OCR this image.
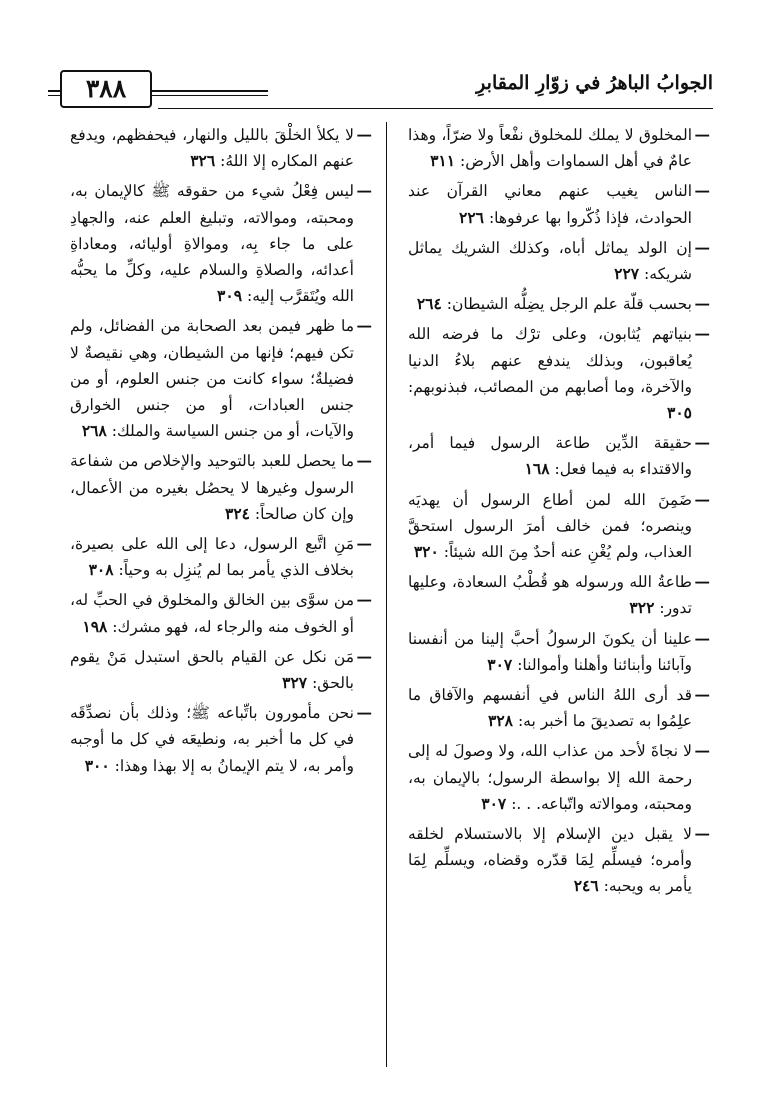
٣٨٨	الجوابُ الباهرُ في زوّارِ المقابرِ

— المخلوق لا يملك للمخلوق نفْعاً ولا ضرّاً، وهذا عامٌ في أهل السماوات وأهل الأرض: ٣١١

— الناس يغيب عنهم معاني القرآن عند الحوادث، فإذا ذُكّروا بها عرفوها: ٢٢٦

— إن الولد يماثل أباه، وكذلك الشريك يماثل شريكه: ٢٢٧

— بحسب قلّة علم الرجل يضِلُّه الشيطان: ٢٦٤

— بنياتهم يُثابون، وعلى ترْك ما فرضه الله يُعاقبون، وبذلك يندفع عنهم بلاءُ الدنيا والآخرة، وما أصابهم من المصائب، فبذنوبهم: ٣٠٥

— حقيقة الدِّين طاعة الرسول فيما أمر، والاقتداء به فيما فعل: ١٦٨

— ضَمِنَ الله لمن أطاع الرسول أن يهديَه وينصره؛ فمن خالف أمرَ الرسول استحقَّ العذاب، ولم يُغْنِ عنه أحدٌ مِنَ الله شيئاً: ٣٢٠

— طاعةُ الله ورسوله هو قُطْبُ السعادة، وعليها تدور: ٣٢٢

— علينا أن يكونَ الرسولُ أحبَّ إلينا من أنفسنا وآبائنا وأبنائنا وأهلنا وأموالنا: ٣٠٧

— قد أرى اللهُ الناس في أنفسهم والآفاق ما علِمُوا به تصديقَ ما أخبر به: ٣٢٨

— لا نجاةَ لأحد من عذاب الله، ولا وصولَ له إلى رحمة الله إلا بواسطة الرسول؛ بالإيمان به، ومحبته، وموالاته واتّباعه. . .: ٣٠٧

— لا يقبل دين الإسلام إلا بالاستسلام لخلقه وأمره؛ فيسلِّم لِمَا قدّره وقضاه، ويسلِّم لِمَا يأمر به ويحبه: ٢٤٦

— لا يكلأ الخلْقَ بالليل والنهار، فيحفظهم، ويدفع عنهم المكاره إلا اللهُ: ٣٢٦

— ليس فِعْلُ شيء من حقوقه ﷺ كالإيمان به، ومحبته، وموالاته، وتبليغ العلم عنه، والجهادِ على ما جاء بِه، وموالاةِ أوليائه، ومعاداةِ أعدائه، والصلاةِ والسلام عليه، وكلِّ ما يحبُّه الله ويُتَقرَّب إليه: ٣٠٩

— ما ظهر فيمن بعد الصحابة من الفضائل، ولم تكن فيهم؛ فإنها من الشيطان، وهي نقيصةٌ لا فضيلةٌ؛ سواء كانت من جنس العلوم، أو من جنس العبادات، أو من جنس الخوارق والآيات، أو من جنس السياسة والملك: ٢٦٨

— ما يحصل للعبد بالتوحيد والإخلاص من شفاعة الرسول وغيرها لا يحصُل بغيره من الأعمال، وإن كان صالحاً: ٣٢٤

— مَنِ اتَّبع الرسول، دعا إلى الله على بصيرة، بخلاف الذي يأمر بما لم يُنزِل به وحياً: ٣٠٨

— من سوَّى بين الخالق والمخلوق في الحبِّ له، أو الخوف منه والرجاء له، فهو مشرك: ١٩٨

— مَن نكل عن القيام بالحق استبدل مَنْ يقوم بالحق: ٣٢٧

— نحن مأمورون باتِّباعه ﷺ؛ وذلك بأن نصدِّقَه في كل ما أخبر به، ونطيعَه في كل ما أوجبه وأمر به، لا يتم الإيمانُ به إلا بهذا وهذا: ٣٠٠
